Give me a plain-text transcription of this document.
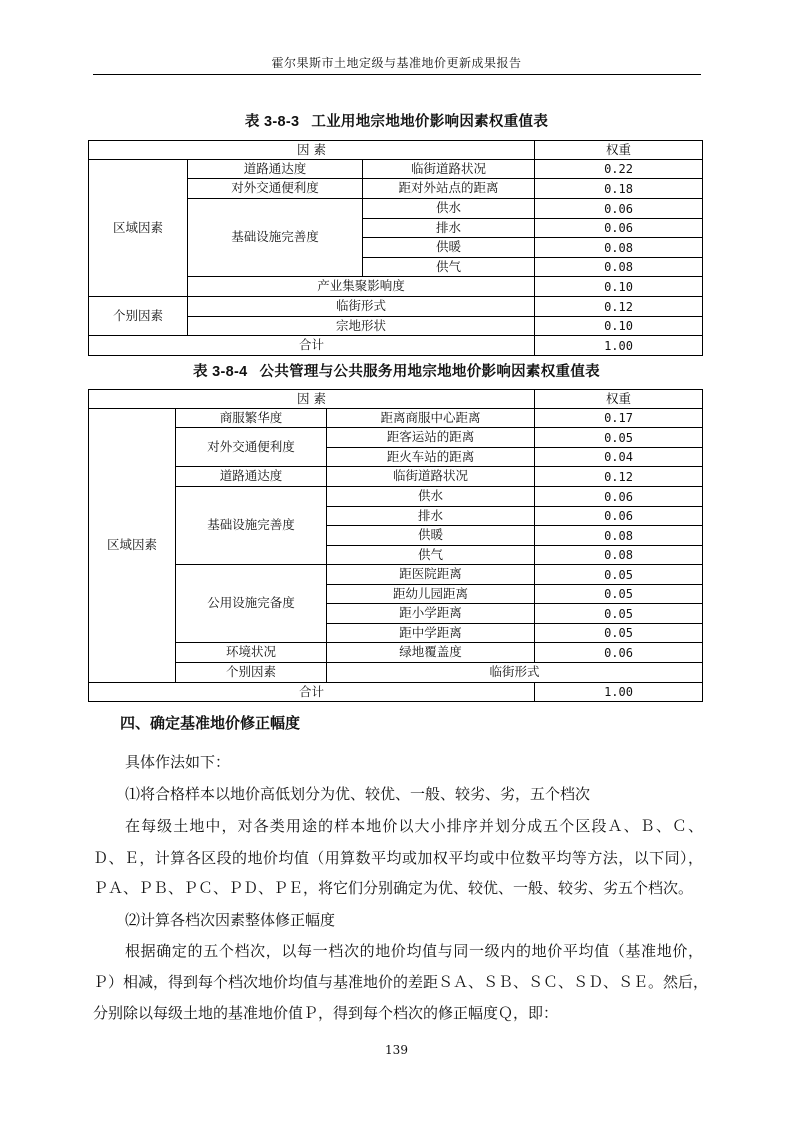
霍尔果斯市土地定级与基准地价更新成果报告
表 3-8-3 工业用地宗地地价影响因素权重值表
因 素			权重
区域因素	道路通达度	临街道路状况	0.22
	对外交通便利度	距对外站点的距离	0.18
	基础设施完善度	供水	0.06
		排水	0.06
		供暖	0.08
		供气	0.08
	产业集聚影响度		0.10
个别因素	临街形式		0.12
	宗地形状		0.10
合计			1.00
表 3-8-4 公共管理与公共服务用地宗地地价影响因素权重值表
因 素			权重	
区域因素	商服繁华度	距离商服中心距离	0.17	
	对外交通便利度	距客运站的距离	0.05	
		距火车站的距离	0.04	
	道路通达度	临街道路状况	0.12	
	基础设施完善度	供水	0.06	
		排水	0.06	
		供暖	0.08	
		供气	0.08	
	公用设施完备度	距医院距离	0.05	
		距幼儿园距离	0.05	
		距小学距离	0.05	
		距中学距离	0.05	
	环境状况	绿地覆盖度	0.06	
	个别因素	临街形式	
合计			1.00	
四、确定基准地价修正幅度
具体作法如下：
⑴将合格样本以地价高低划分为优、较优、一般、较劣、劣，五个档次
在每级土地中，对各类用途的样本地价以大小排序并划分成五个区段Ａ、Ｂ、Ｃ、
Ｄ、Ｅ，计算各区段的地价均值（用算数平均或加权平均或中位数平均等方法，以下同），
ＰＡ、ＰＢ、ＰＣ、ＰＤ、ＰＥ，将它们分别确定为优、较优、一般、较劣、劣五个档次。
⑵计算各档次因素整体修正幅度
根据确定的五个档次，以每一档次的地价均值与同一级内的地价平均值（基准地价，
Ｐ）相减，得到每个档次地价均值与基准地价的差距ＳＡ、ＳＢ、ＳＣ、ＳＤ、ＳＥ。然后，
分别除以每级土地的基准地价值Ｐ，得到每个档次的修正幅度Ｑ，即：
139
